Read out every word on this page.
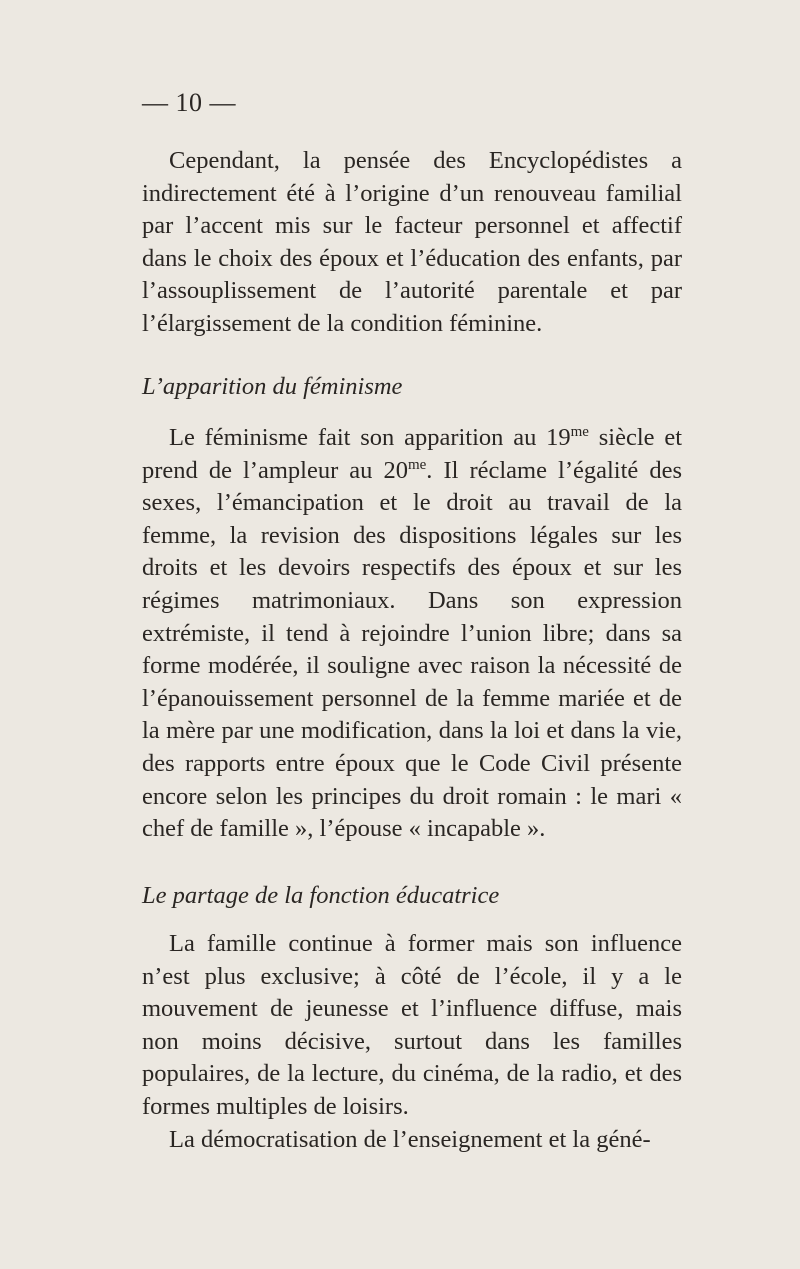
— 10 —

Cependant, la pensée des Encyclopédistes a indirectement été à l’origine d’un renouveau familial par l’accent mis sur le facteur personnel et affectif dans le choix des époux et l’éducation des enfants, par l’assouplissement de l’autorité parentale et par l’élargissement de la condition féminine.

L’apparition du féminisme

Le féminisme fait son apparition au $19^{me}$ siècle et prend de l’ampleur au $20^{me}$. Il réclame l’égalité des sexes, l’émancipation et le droit au travail de la femme, la revision des dispositions légales sur les droits et les devoirs respectifs des époux et sur les régimes matrimoniaux. Dans son expression extrémiste, il tend à rejoindre l’union libre; dans sa forme modérée, il souligne avec raison la nécessité de l’épanouissement personnel de la femme mariée et de la mère par une modification, dans la loi et dans la vie, des rapports entre époux que le Code Civil présente encore selon les principes du droit romain : le mari « chef de famille », l’épouse « incapable ».

Le partage de la fonction éducatrice

La famille continue à former mais son influence n’est plus exclusive; à côté de l’école, il y a le mouvement de jeunesse et l’influence diffuse, mais non moins décisive, surtout dans les familles populaires, de la lecture, du cinéma, de la radio, et des formes multiples de loisirs.

La démocratisation de l’enseignement et la géné-
